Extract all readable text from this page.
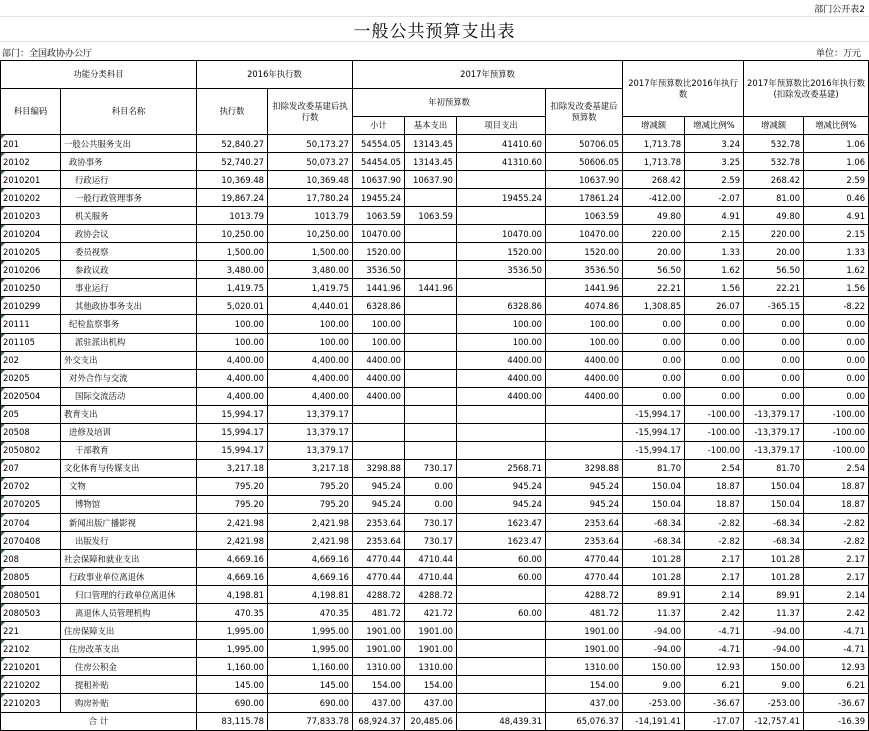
部门公开表2
一般公共预算支出表
部门：全国政协办公厅	单位：万元
功能分类科目		2016年执行数		2017年预算数				2017年预算数比2016年执行数		2017年预算数比2016年执行数(扣除发改委基建)	
科目编码	科目名称	执行数	扣除发改委基建后执行数	年初预算数			扣除发改委基建后预算数				
				小计	基本支出	项目支出		增减额	增减比例%	增减额	增减比例%
201	一般公共服务支出	52,840.27	50,173.27	54554.05	13143.45	41410.60	50706.05	1,713.78	3.24	532.78	1.06
20102	政协事务	52,740.27	50,073.27	54454.05	13143.45	41310.60	50606.05	1,713.78	3.25	532.78	1.06
2010201	行政运行	10,369.48	10,369.48	10637.90	10637.90		10637.90	268.42	2.59	268.42	2.59
2010202	一般行政管理事务	19,867.24	17,780.24	19455.24		19455.24	17861.24	-412.00	-2.07	81.00	0.46
2010203	机关服务	1013.79	1013.79	1063.59	1063.59		1063.59	49.80	4.91	49.80	4.91
2010204	政协会议	10,250.00	10,250.00	10470.00		10470.00	10470.00	220.00	2.15	220.00	2.15
2010205	委员视察	1,500.00	1,500.00	1520.00		1520.00	1520.00	20.00	1.33	20.00	1.33
2010206	参政议政	3,480.00	3,480.00	3536.50		3536.50	3536.50	56.50	1.62	56.50	1.62
2010250	事业运行	1,419.75	1,419.75	1441.96	1441.96		1441.96	22.21	1.56	22.21	1.56
2010299	其他政协事务支出	5,020.01	4,440.01	6328.86		6328.86	4074.86	1,308.85	26.07	-365.15	-8.22
20111	纪检监察事务	100.00	100.00	100.00		100.00	100.00	0.00	0.00	0.00	0.00
201105	派驻派出机构	100.00	100.00	100.00		100.00	100.00	0.00	0.00	0.00	0.00
202	外交支出	4,400.00	4,400.00	4400.00		4400.00	4400.00	0.00	0.00	0.00	0.00
20205	对外合作与交流	4,400.00	4,400.00	4400.00		4400.00	4400.00	0.00	0.00	0.00	0.00
2020504	国际交流活动	4,400.00	4,400.00	4400.00		4400.00	4400.00	0.00	0.00	0.00	0.00
205	教育支出	15,994.17	13,379.17					-15,994.17	-100.00	-13,379.17	-100.00
20508	进修及培训	15,994.17	13,379.17					-15,994.17	-100.00	-13,379.17	-100.00
2050802	干部教育	15,994.17	13,379.17					-15,994.17	-100.00	-13,379.17	-100.00
207	文化体育与传媒支出	3,217.18	3,217.18	3298.88	730.17	2568.71	3298.88	81.70	2.54	81.70	2.54
20702	文物	795.20	795.20	945.24	0.00	945.24	945.24	150.04	18.87	150.04	18.87
2070205	博物馆	795.20	795.20	945.24	0.00	945.24	945.24	150.04	18.87	150.04	18.87
20704	新闻出版广播影视	2,421.98	2,421.98	2353.64	730.17	1623.47	2353.64	-68.34	-2.82	-68.34	-2.82
2070408	出版发行	2,421.98	2,421.98	2353.64	730.17	1623.47	2353.64	-68.34	-2.82	-68.34	-2.82
208	社会保障和就业支出	4,669.16	4,669.16	4770.44	4710.44	60.00	4770.44	101.28	2.17	101.28	2.17
20805	行政事业单位离退休	4,669.16	4,669.16	4770.44	4710.44	60.00	4770.44	101.28	2.17	101.28	2.17
2080501	归口管理的行政单位离退休	4,198.81	4,198.81	4288.72	4288.72		4288.72	89.91	2.14	89.91	2.14
2080503	离退休人员管理机构	470.35	470.35	481.72	421.72	60.00	481.72	11.37	2.42	11.37	2.42
221	住房保障支出	1,995.00	1,995.00	1901.00	1901.00		1901.00	-94.00	-4.71	-94.00	-4.71
22102	住房改革支出	1,995.00	1,995.00	1901.00	1901.00		1901.00	-94.00	-4.71	-94.00	-4.71
2210201	住房公积金	1,160.00	1,160.00	1310.00	1310.00		1310.00	150.00	12.93	150.00	12.93
2210202	提租补贴	145.00	145.00	154.00	154.00		154.00	9.00	6.21	9.00	6.21
2210203	购房补贴	690.00	690.00	437.00	437.00		437.00	-253.00	-36.67	-253.00	-36.67
合 计		83,115.78	77,833.78	68,924.37	20,485.06	48,439.31	65,076.37	-14,191.41	-17.07	-12,757.41	-16.39
